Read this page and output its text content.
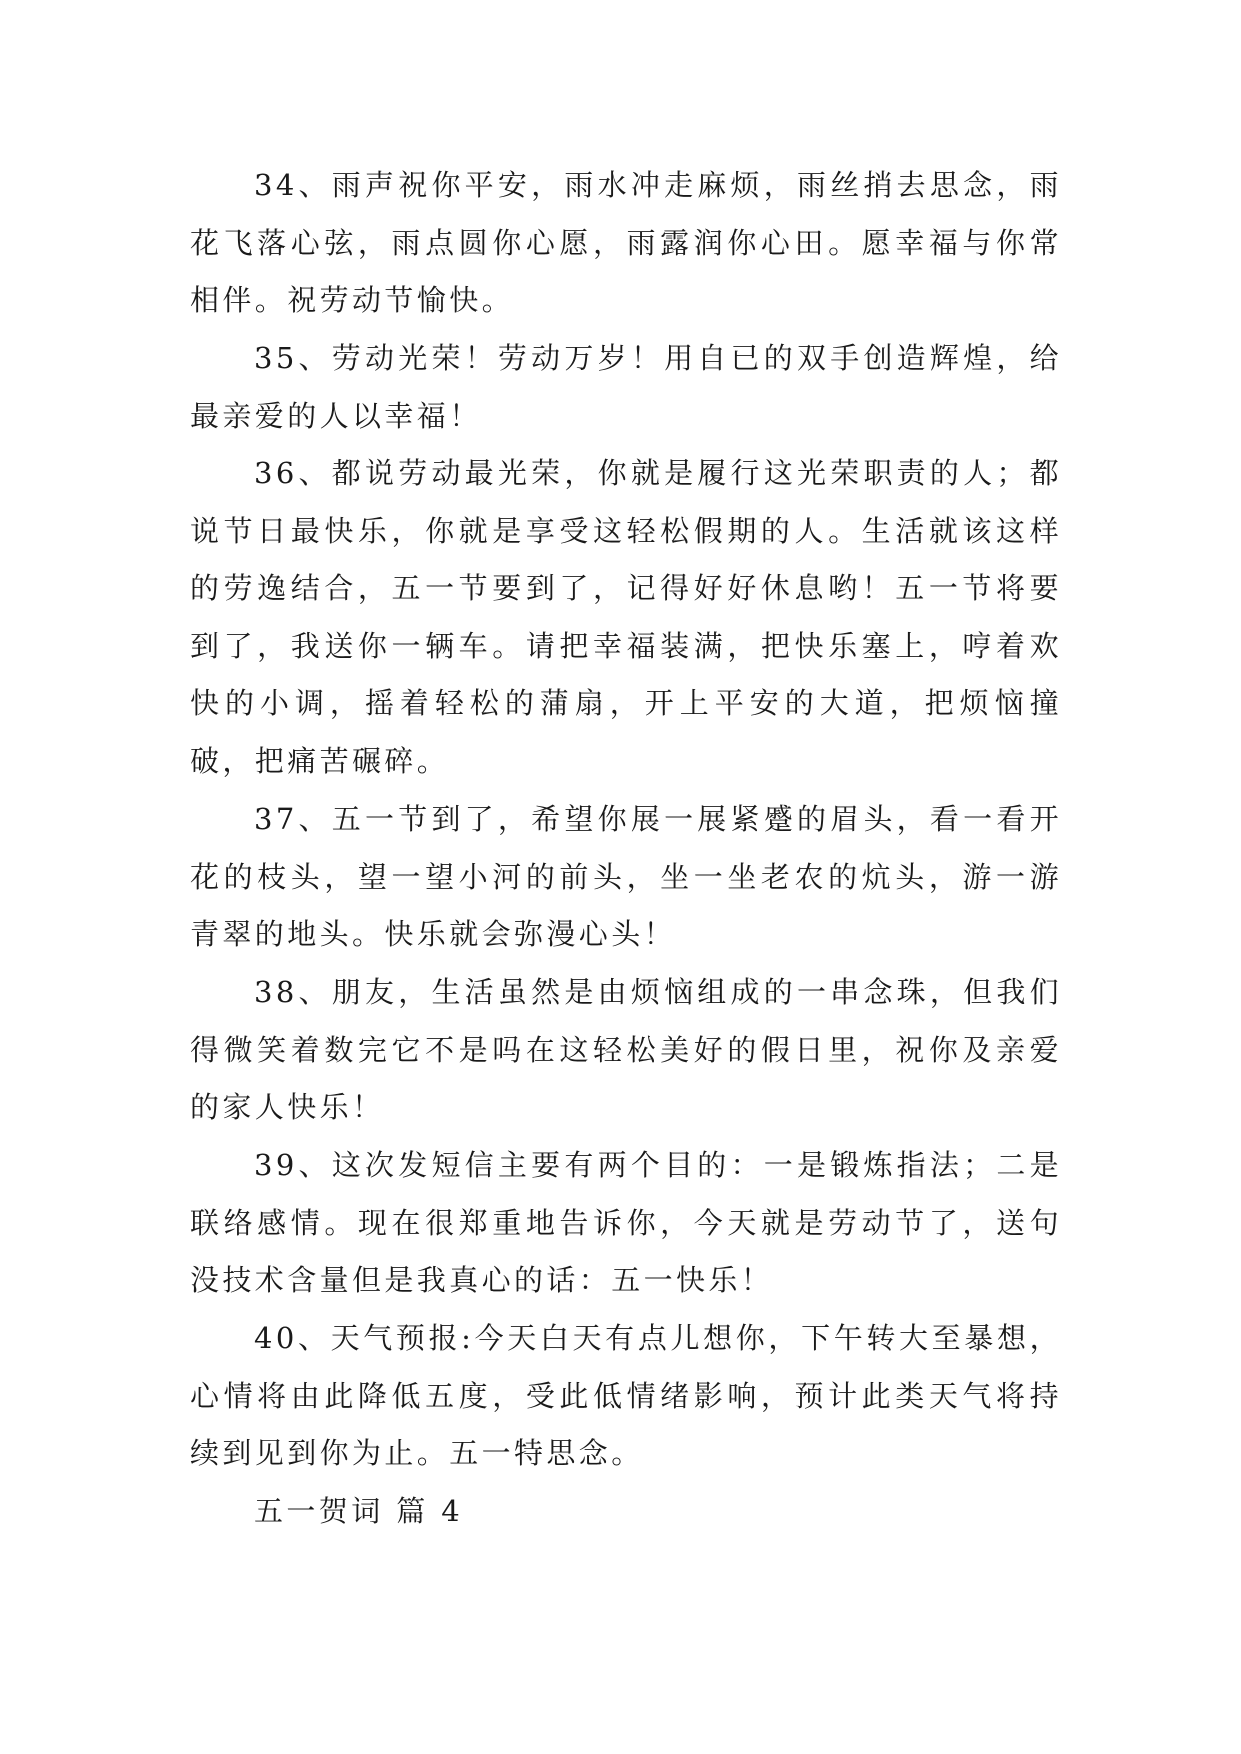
34、雨声祝你平安，雨水冲走麻烦，雨丝捎去思念，雨花飞落心弦，雨点圆你心愿，雨露润你心田。愿幸福与你常相伴。祝劳动节愉快。

35、劳动光荣！劳动万岁！用自已的双手创造辉煌，给最亲爱的人以幸福！

36、都说劳动最光荣，你就是履行这光荣职责的人；都说节日最快乐，你就是享受这轻松假期的人。生活就该这样的劳逸结合，五一节要到了，记得好好休息哟！五一节将要到了，我送你一辆车。请把幸福装满，把快乐塞上，哼着欢快的小调，摇着轻松的蒲扇，开上平安的大道，把烦恼撞破，把痛苦碾碎。

37、五一节到了，希望你展一展紧蹙的眉头，看一看开花的枝头，望一望小河的前头，坐一坐老农的炕头，游一游青翠的地头。快乐就会弥漫心头！

38、朋友，生活虽然是由烦恼组成的一串念珠，但我们得微笑着数完它不是吗在这轻松美好的假日里，祝你及亲爱的家人快乐！

39、这次发短信主要有两个目的：一是锻炼指法；二是联络感情。现在很郑重地告诉你，今天就是劳动节了，送句没技术含量但是我真心的话：五一快乐！

40、天气预报:今天白天有点儿想你，下午转大至暴想，心情将由此降低五度，受此低情绪影响，预计此类天气将持续到见到你为止。五一特思念。

五一贺词 篇 4
